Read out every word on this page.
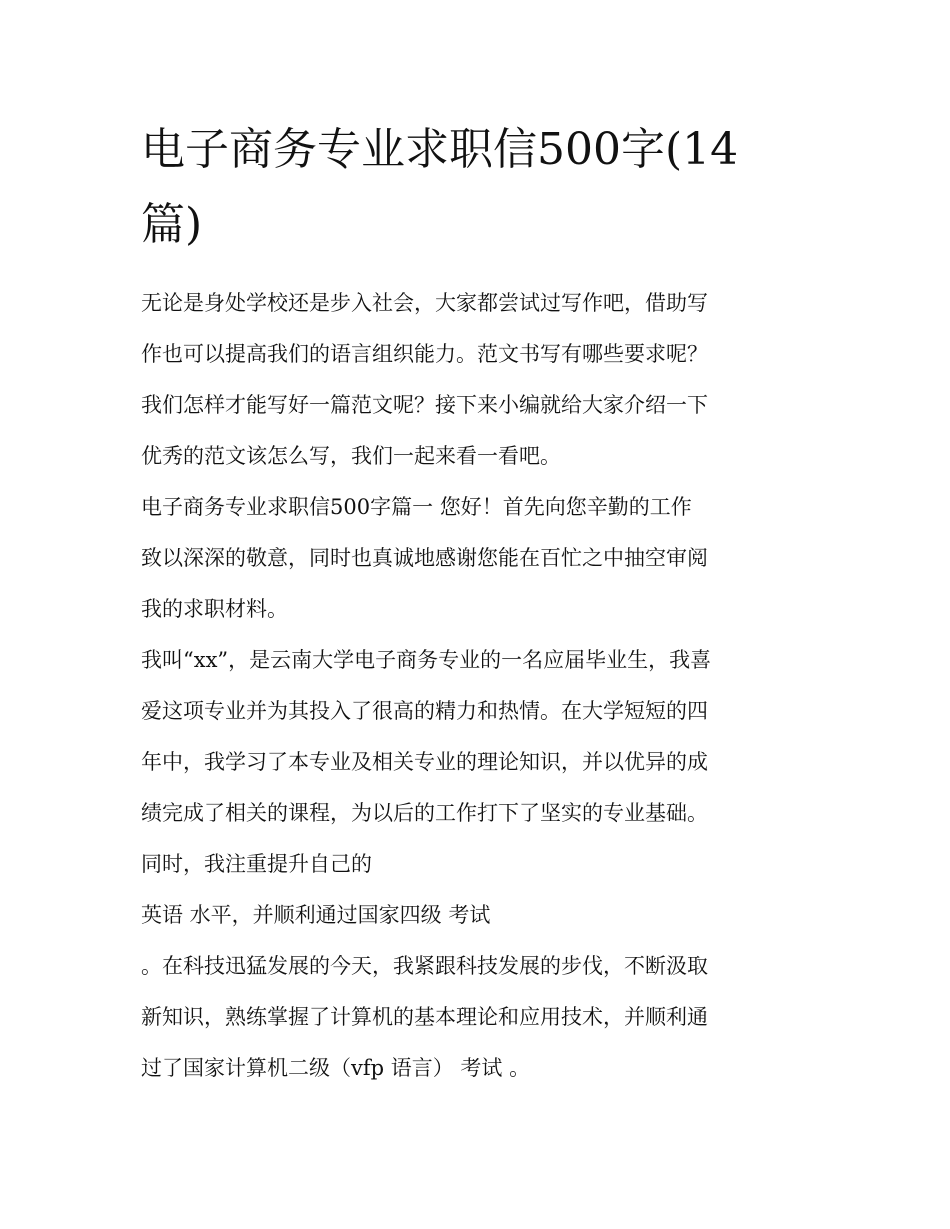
电子商务专业求职信500字(14
篇)

无论是身处学校还是步入社会，大家都尝试过写作吧，借助写
作也可以提高我们的语言组织能力。范文书写有哪些要求呢？
我们怎样才能写好一篇范文呢？接下来小编就给大家介绍一下
优秀的范文该怎么写，我们一起来看一看吧。

电子商务专业求职信500字篇一 您好！首先向您辛勤的工作
致以深深的敬意，同时也真诚地感谢您能在百忙之中抽空审阅
我的求职材料。

我叫“xx”，是云南大学电子商务专业的一名应届毕业生，我喜
爱这项专业并为其投入了很高的精力和热情。在大学短短的四
年中，我学习了本专业及相关专业的理论知识，并以优异的成
绩完成了相关的课程，为以后的工作打下了坚实的专业基础。
同时，我注重提升自己的

英语 水平，并顺利通过国家四级 考试

。在科技迅猛发展的今天，我紧跟科技发展的步伐，不断汲取
新知识，熟练掌握了计算机的基本理论和应用技术，并顺利通
过了国家计算机二级（vfp 语言） 考试 。
